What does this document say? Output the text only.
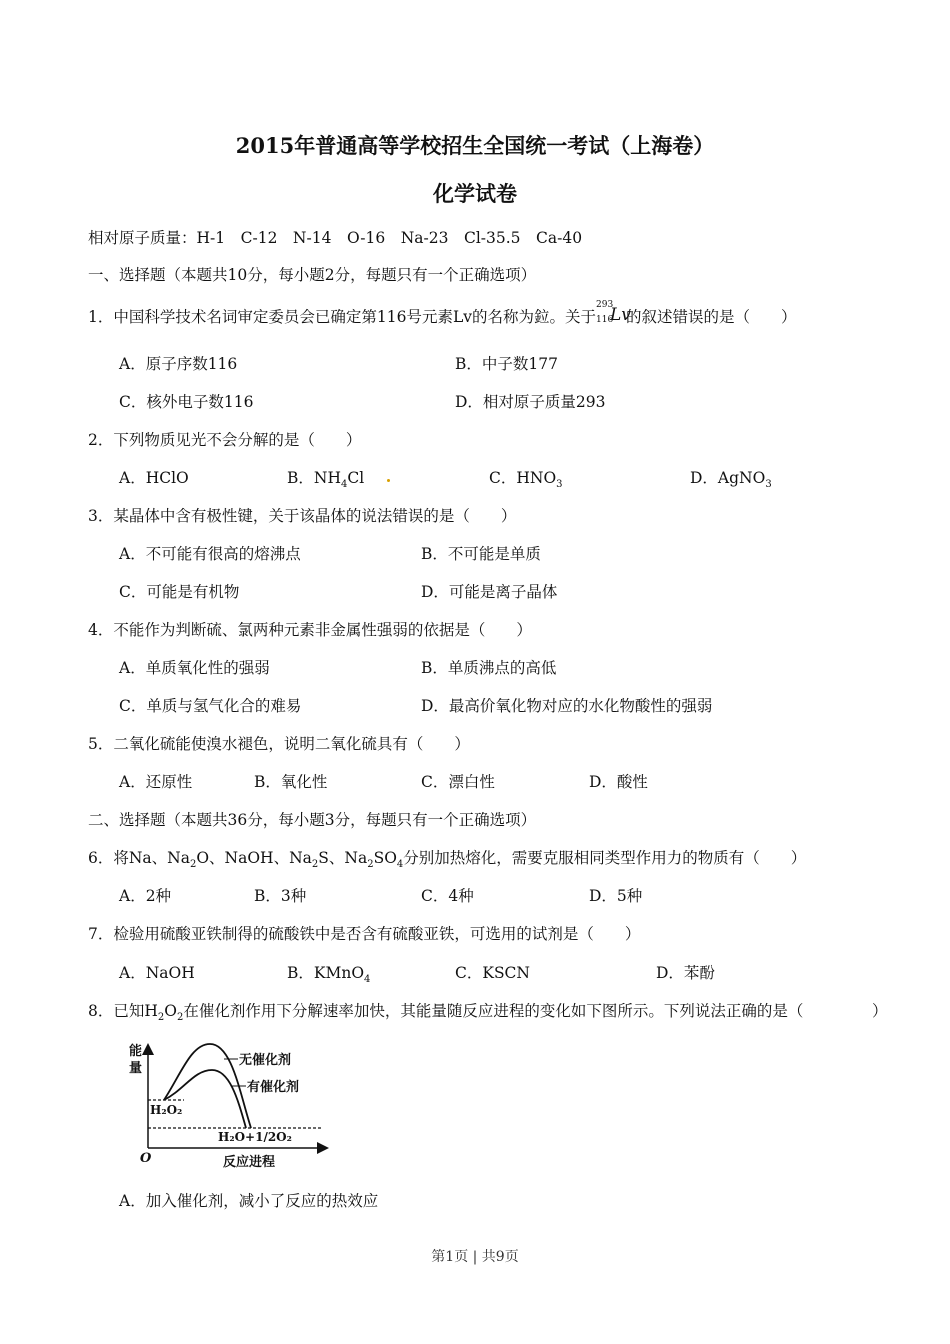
2015年普通高等学校招生全国统一考试（上海卷）
化学试卷
相对原子质量：H-1　C-12　N-14　O-16　Na-23　Cl-35.5　Ca-40
一、选择题（本题共10分，每小题2分，每题只有一个正确选项）
1．中国科学技术名词审定委员会已确定第116号元素Lv的名称为鉝。关于
293
116
Lv
的叙述错误的是（　　）
A．原子序数116	B．中子数177
C．核外电子数116	D．相对原子质量293
2．下列物质见光不会分解的是（　　）
A．HClO	B．$NH_4Cl$	C．$HNO_3$	D．AgNO$_3$
3．某晶体中含有极性键，关于该晶体的说法错误的是（　　）
A．不可能有很高的熔沸点	B．不可能是单质
C．可能是有机物	D．可能是离子晶体
4．不能作为判断硫、氯两种元素非金属性强弱的依据是（　　）
A．单质氧化性的强弱	B．单质沸点的高低
C．单质与氢气化合的难易	D．最高价氧化物对应的水化物酸性的强弱
5．二氧化硫能使溴水褪色，说明二氧化硫具有（　　）
A．还原性	B．氧化性	C．漂白性	D．酸性
二、选择题（本题共36分，每小题3分，每题只有一个正确选项）
6．将Na、$Na_2O$、NaOH、$Na_2S$、$Na_2SO_4$分别加热熔化，需要克服相同类型作用力的物质有（　　）
A．2种	B．3种	C．4种	D．5种
7．检验用硫酸亚铁制得的硫酸铁中是否含有硫酸亚铁，可选用的试剂是（　　）
A．NaOH	B．KMnO$_4$	C．KSCN	D．苯酚
8．已知$H_2O_2$在催化剂作用下分解速率加快，其能量随反应进程的变化如下图所示。下列说法正确的是（	）
能
量
O
无催化剂
有催化剂
H₂O₂
H₂O+1/2O₂
反应进程
A．加入催化剂，减小了反应的热效应
第1页 | 共9页
